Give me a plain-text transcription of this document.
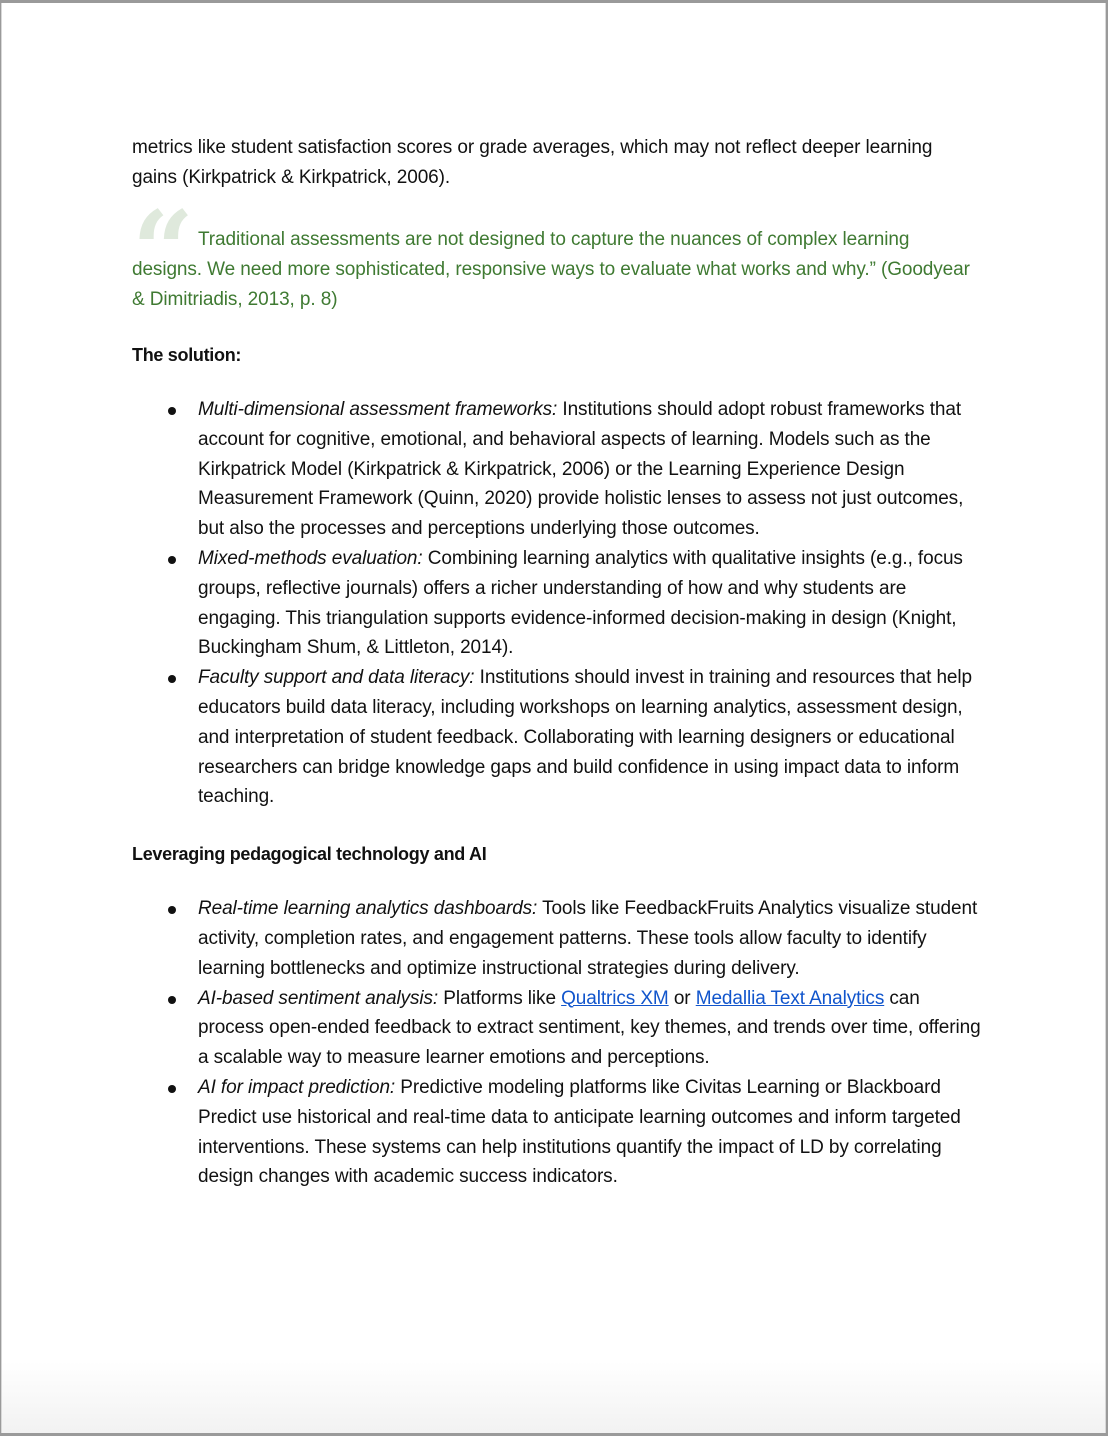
metrics like student satisfaction scores or grade averages, which may not reflect deeper learning gains (Kirkpatrick & Kirkpatrick, 2006).

“ Traditional assessments are not designed to capture the nuances of complex learning designs. We need more sophisticated, responsive ways to evaluate what works and why.” (Goodyear & Dimitriadis, 2013, p. 8)

The solution:
Multi-dimensional assessment frameworks: Institutions should adopt robust frameworks that account for cognitive, emotional, and behavioral aspects of learning. Models such as the Kirkpatrick Model (Kirkpatrick & Kirkpatrick, 2006) or the Learning Experience Design Measurement Framework (Quinn, 2020) provide holistic lenses to assess not just outcomes, but also the processes and perceptions underlying those outcomes.
Mixed-methods evaluation: Combining learning analytics with qualitative insights (e.g., focus groups, reflective journals) offers a richer understanding of how and why students are engaging. This triangulation supports evidence-informed decision-making in design (Knight, Buckingham Shum, & Littleton, 2014).
Faculty support and data literacy: Institutions should invest in training and resources that help educators build data literacy, including workshops on learning analytics, assessment design, and interpretation of student feedback. Collaborating with learning designers or educational researchers can bridge knowledge gaps and build confidence in using impact data to inform teaching.
Leveraging pedagogical technology and AI
Real-time learning analytics dashboards: Tools like FeedbackFruits Analytics visualize student activity, completion rates, and engagement patterns. These tools allow faculty to identify learning bottlenecks and optimize instructional strategies during delivery.
AI-based sentiment analysis: Platforms like Qualtrics XM or Medallia Text Analytics can process open-ended feedback to extract sentiment, key themes, and trends over time, offering a scalable way to measure learner emotions and perceptions.
AI for impact prediction: Predictive modeling platforms like Civitas Learning or Blackboard Predict use historical and real-time data to anticipate learning outcomes and inform targeted interventions. These systems can help institutions quantify the impact of LD by correlating design changes with academic success indicators.
